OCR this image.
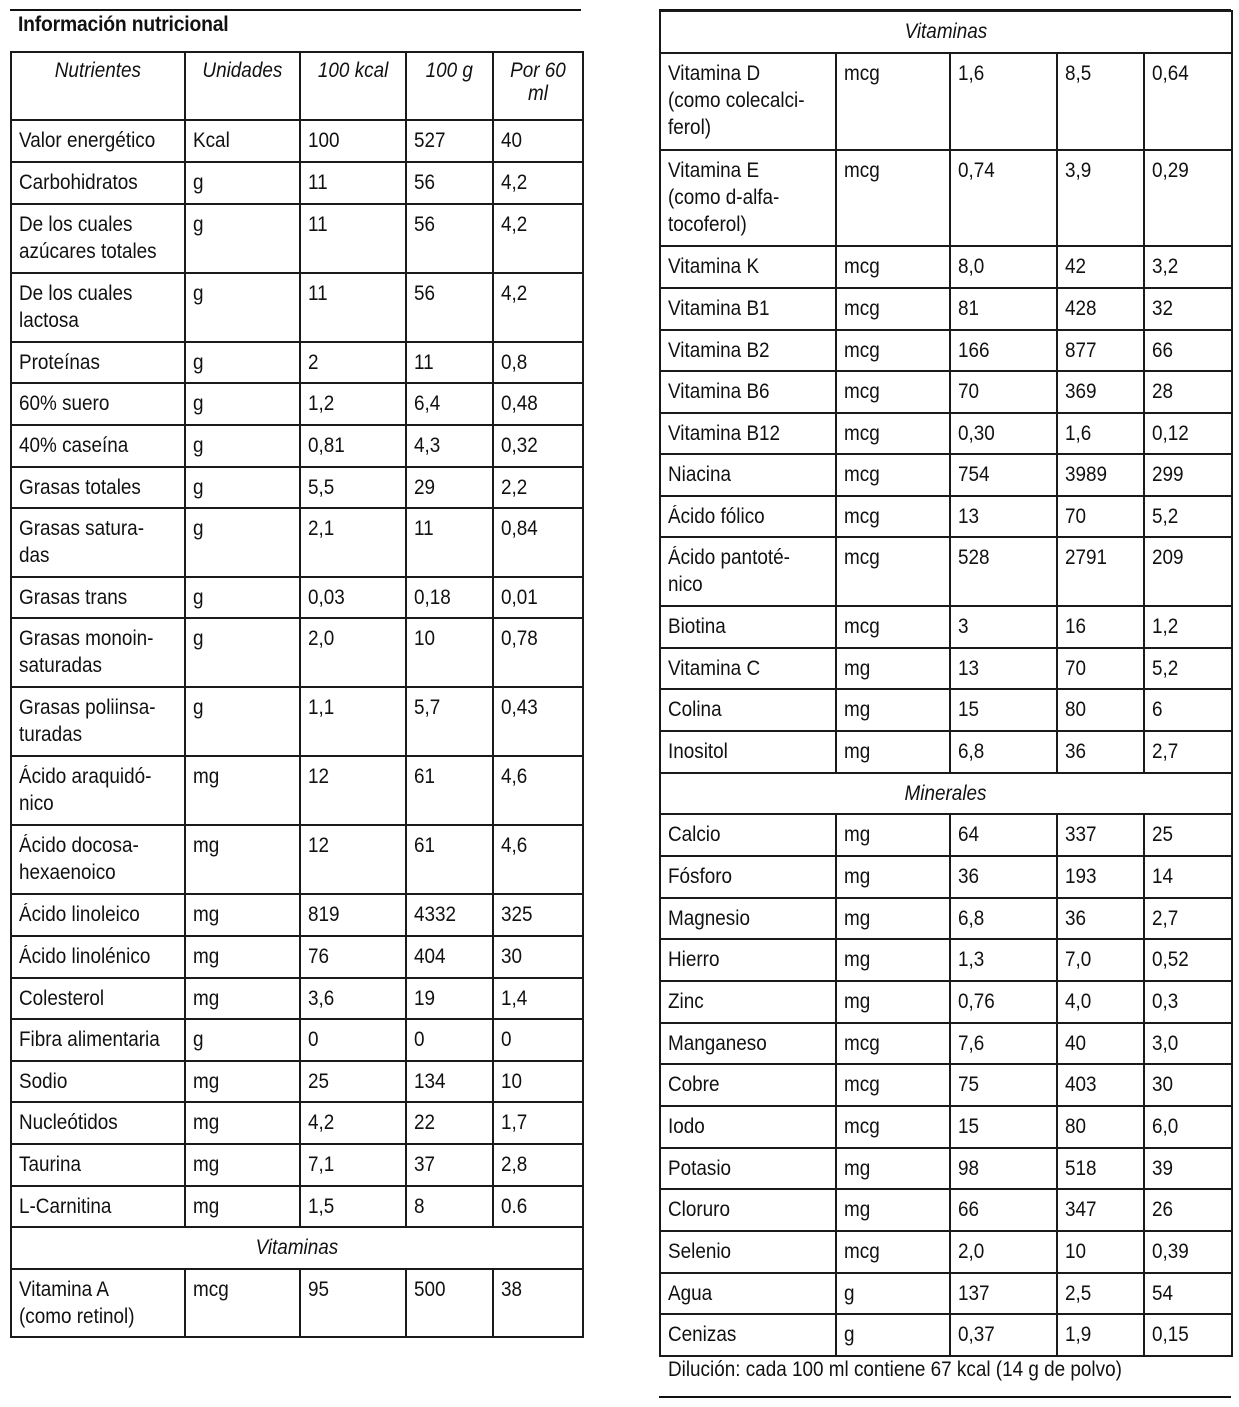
Información nutricional
Nutrientes	Unidades	100 kcal	100 g	Por 60
ml
Valor energético	Kcal	100	527	40
Carbohidratos	g	11	56	4,2
De los cuales
azúcares totales	g	11	56	4,2
De los cuales
lactosa	g	11	56	4,2
Proteínas	g	2	11	0,8
60% suero	g	1,2	6,4	0,48
40% caseína	g	0,81	4,3	0,32
Grasas totales	g	5,5	29	2,2
Grasas satura-
das	g	2,1	11	0,84
Grasas trans	g	0,03	0,18	0,01
Grasas monoin-
saturadas	g	2,0	10	0,78
Grasas poliinsa-
turadas	g	1,1	5,7	0,43
Ácido araquidó-
nico	mg	12	61	4,6
Ácido docosa-
hexaenoico	mg	12	61	4,6
Ácido linoleico	mg	819	4332	325
Ácido linolénico	mg	76	404	30
Colesterol	mg	3,6	19	1,4
Fibra alimentaria	g	0	0	0
Sodio	mg	25	134	10
Nucleótidos	mg	4,2	22	1,7
Taurina	mg	7,1	37	2,8
L-Carnitina	mg	1,5	8	0.6
Vitaminas				
Vitamina A
(como retinol)	mcg	95	500	38
Vitaminas				
Vitamina D
(como colecalci-
ferol)	mcg	1,6	8,5	0,64
Vitamina E
(como d-alfa-
tocoferol)	mcg	0,74	3,9	0,29
Vitamina K	mcg	8,0	42	3,2
Vitamina B1	mcg	81	428	32
Vitamina B2	mcg	166	877	66
Vitamina B6	mcg	70	369	28
Vitamina B12	mcg	0,30	1,6	0,12
Niacina	mcg	754	3989	299
Ácido fólico	mcg	13	70	5,2
Ácido pantoté-
nico	mcg	528	2791	209
Biotina	mcg	3	16	1,2
Vitamina C	mg	13	70	5,2
Colina	mg	15	80	6
Inositol	mg	6,8	36	2,7
Minerales				
Calcio	mg	64	337	25
Fósforo	mg	36	193	14
Magnesio	mg	6,8	36	2,7
Hierro	mg	1,3	7,0	0,52
Zinc	mg	0,76	4,0	0,3
Manganeso	mcg	7,6	40	3,0
Cobre	mcg	75	403	30
Iodo	mcg	15	80	6,0
Potasio	mg	98	518	39
Cloruro	mg	66	347	26
Selenio	mcg	2,0	10	0,39
Agua	g	137	2,5	54
Cenizas	g	0,37	1,9	0,15
Dilución: cada 100 ml contiene 67 kcal (14 g de polvo)
